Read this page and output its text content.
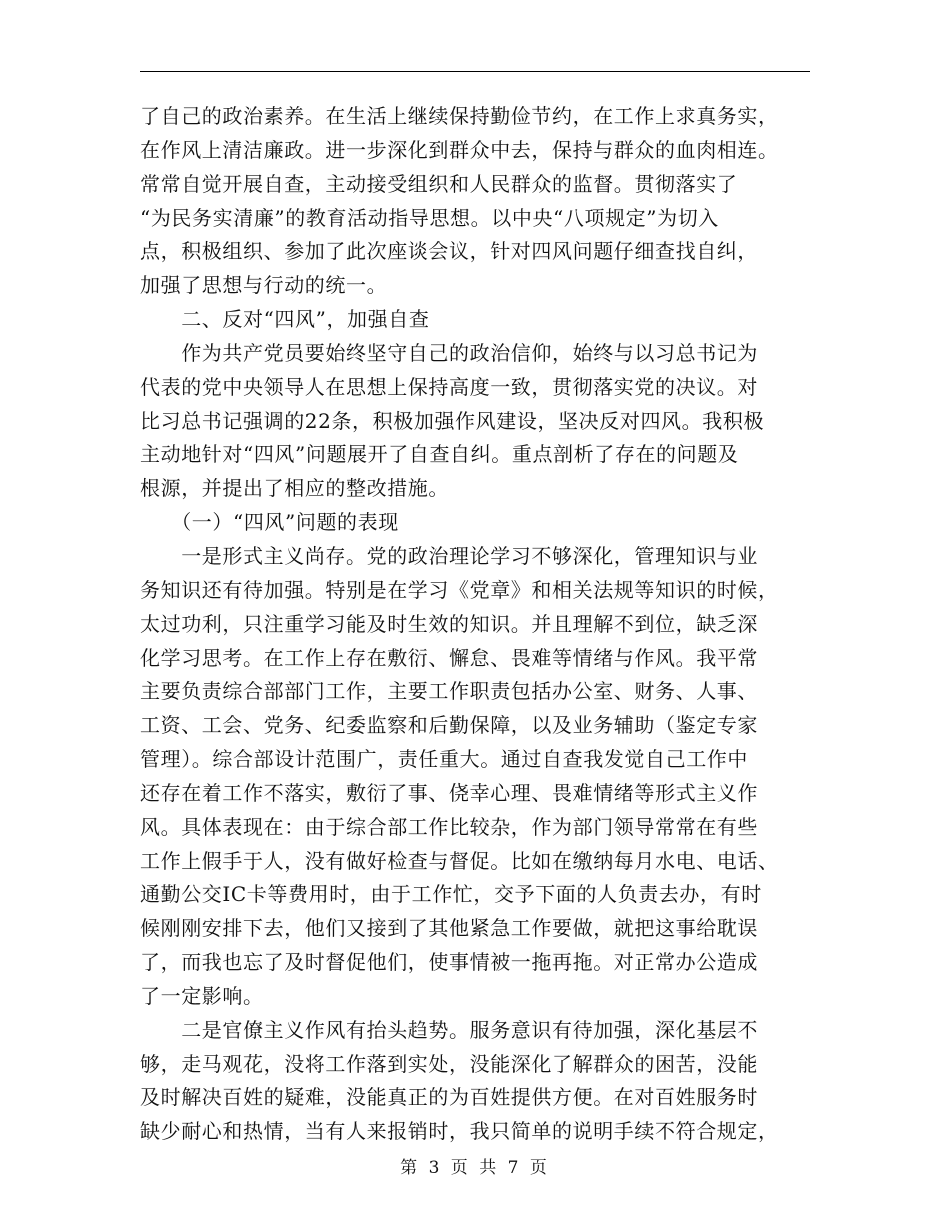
了自己的政治素养。在生活上继续保持勤俭节约，在工作上求真务实，
在作风上清洁廉政。进一步深化到群众中去，保持与群众的血肉相连。
常常自觉开展自查，主动接受组织和人民群众的监督。贯彻落实了
“为民务实清廉”的教育活动指导思想。以中央“八项规定”为切入
点，积极组织、参加了此次座谈会议，针对四风问题仔细查找自纠，
加强了思想与行动的统一。
　　二、反对“四风”，加强自查
　　作为共产党员要始终坚守自己的政治信仰，始终与以习总书记为
代表的党中央领导人在思想上保持高度一致，贯彻落实党的决议。对
比习总书记强调的22条，积极加强作风建设，坚决反对四风。我积极
主动地针对“四风”问题展开了自查自纠。重点剖析了存在的问题及
根源，并提出了相应的整改措施。
　　（一）“四风”问题的表现
　　一是形式主义尚存。党的政治理论学习不够深化，管理知识与业
务知识还有待加强。特别是在学习《党章》和相关法规等知识的时候，
太过功利，只注重学习能及时生效的知识。并且理解不到位，缺乏深
化学习思考。在工作上存在敷衍、懈怠、畏难等情绪与作风。我平常
主要负责综合部部门工作，主要工作职责包括办公室、财务、人事、
工资、工会、党务、纪委监察和后勤保障，以及业务辅助（鉴定专家
管理）。综合部设计范围广，责任重大。通过自查我发觉自己工作中
还存在着工作不落实，敷衍了事、侥幸心理、畏难情绪等形式主义作
风。具体表现在：由于综合部工作比较杂，作为部门领导常常在有些
工作上假手于人，没有做好检查与督促。比如在缴纳每月水电、电话、
通勤公交IC卡等费用时，由于工作忙，交予下面的人负责去办，有时
候刚刚安排下去，他们又接到了其他紧急工作要做，就把这事给耽误
了，而我也忘了及时督促他们，使事情被一拖再拖。对正常办公造成
了一定影响。
　　二是官僚主义作风有抬头趋势。服务意识有待加强，深化基层不
够，走马观花，没将工作落到实处，没能深化了解群众的困苦，没能
及时解决百姓的疑难，没能真正的为百姓提供方便。在对百姓服务时
缺少耐心和热情，当有人来报销时，我只简单的说明手续不符合规定，
第 3 页 共 7 页
